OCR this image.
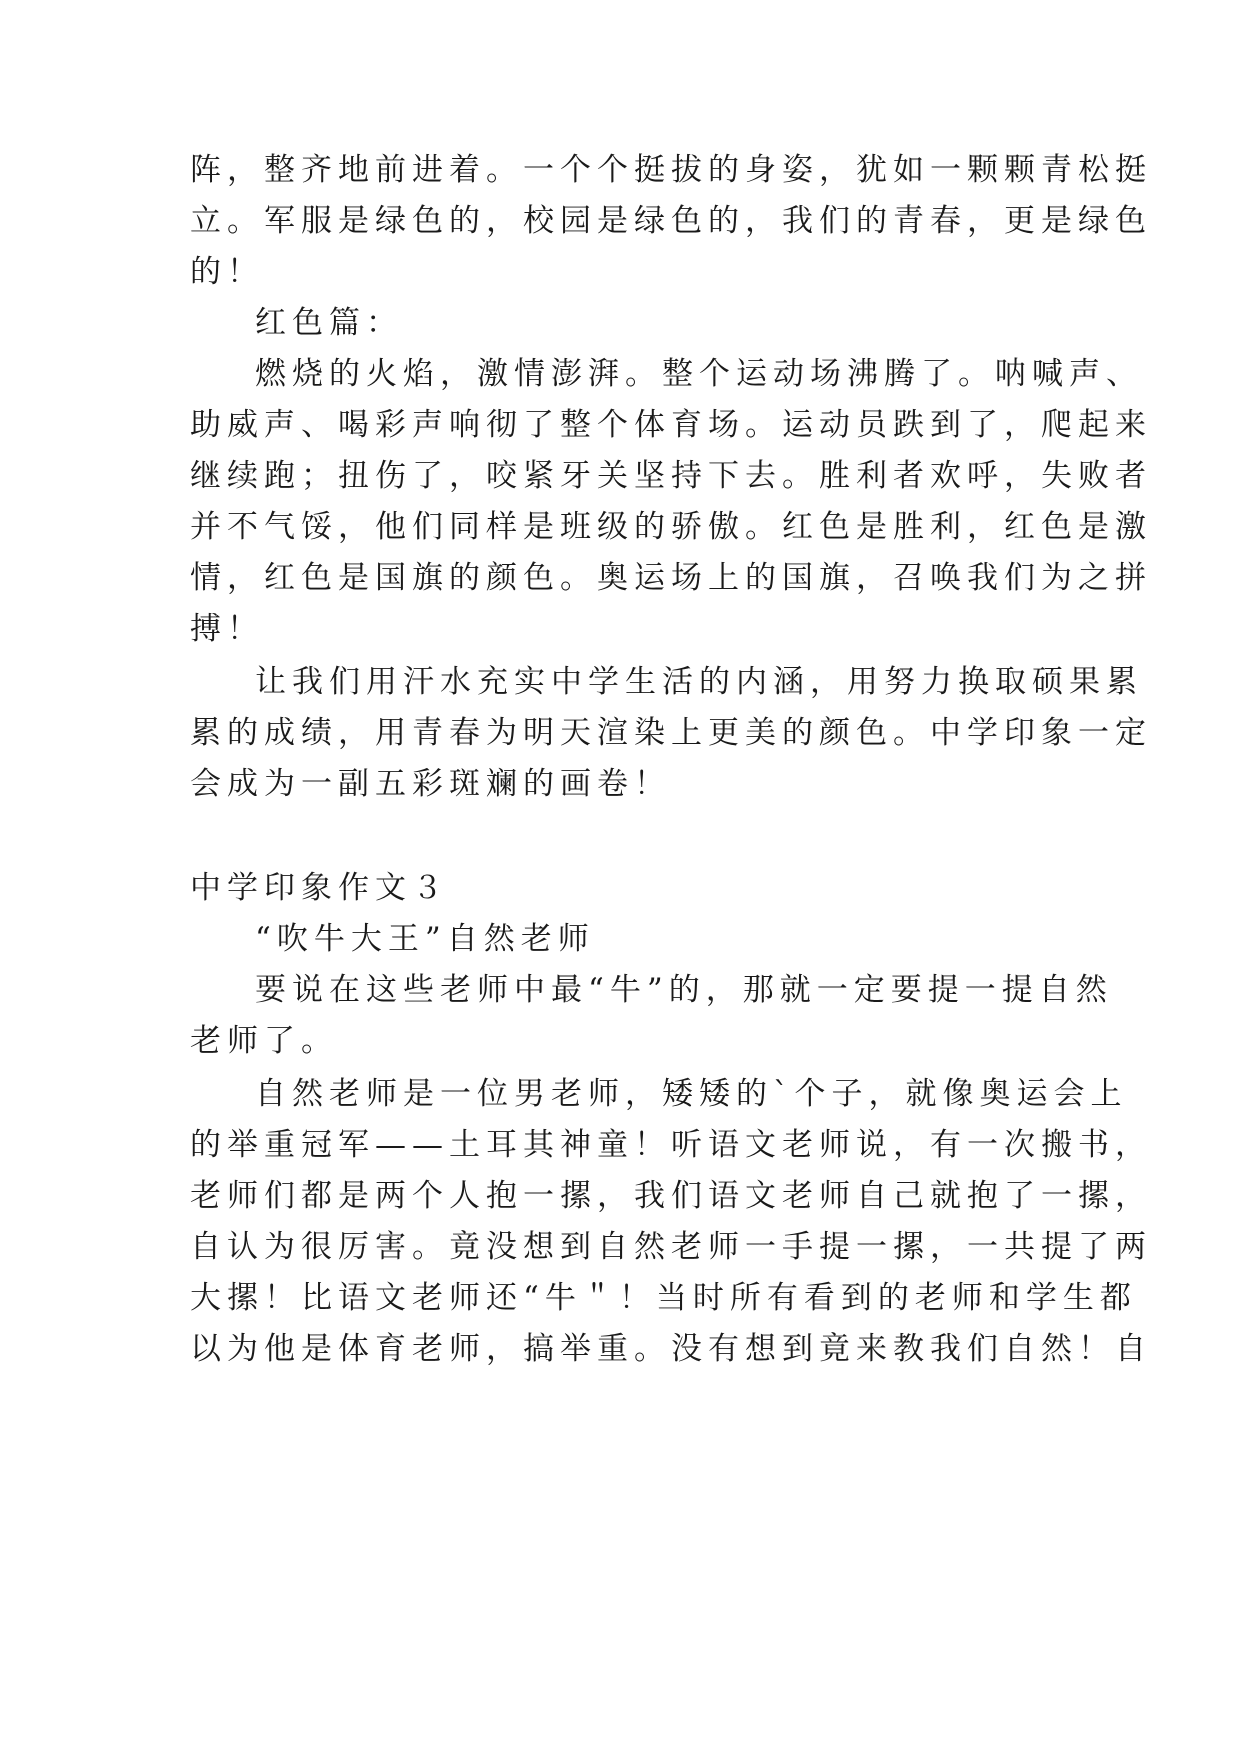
阵，整齐地前进着。一个个挺拔的身姿，犹如一颗颗青松挺
立。军服是绿色的，校园是绿色的，我们的青春，更是绿色
的！
红色篇：
燃烧的火焰，激情澎湃。整个运动场沸腾了。呐喊声、
助威声、喝彩声响彻了整个体育场。运动员跌到了，爬起来
继续跑；扭伤了，咬紧牙关坚持下去。胜利者欢呼，失败者
并不气馁，他们同样是班级的骄傲。红色是胜利，红色是激
情，红色是国旗的颜色。奥运场上的国旗，召唤我们为之拼
搏！
让我们用汗水充实中学生活的内涵，用努力换取硕果累
累的成绩，用青春为明天渲染上更美的颜色。中学印象一定
会成为一副五彩斑斓的画卷！
中学印象作文３
“吹牛大王”自然老师
要说在这些老师中最“牛”的，那就一定要提一提自然
老师了。
自然老师是一位男老师，矮矮的`个子，就像奥运会上
的举重冠军——土耳其神童！听语文老师说，有一次搬书，
老师们都是两个人抱一摞，我们语文老师自己就抱了一摞，
自认为很厉害。竟没想到自然老师一手提一摞，一共提了两
大摞！比语文老师还“牛＂！当时所有看到的老师和学生都
以为他是体育老师，搞举重。没有想到竟来教我们自然！自
